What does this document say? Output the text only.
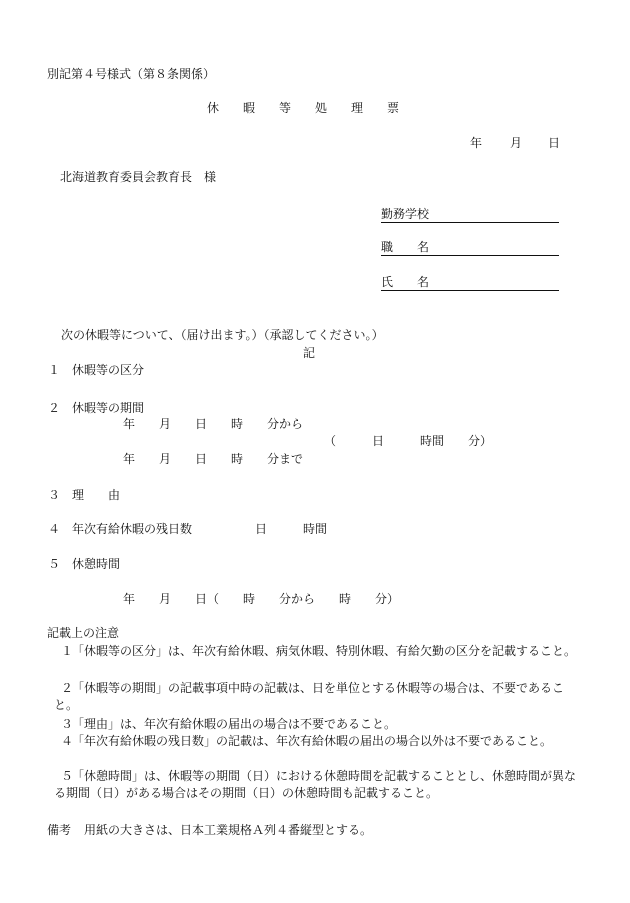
別記第４号様式（第８条関係）
休　　暇　　等　　処　　理　　票
年 月 日
北海道教育委員会教育長　様
勤務学校
職　　名
氏　　名
次の休暇等について、（届け出ます。）（承認してください。）
記
１ 休暇等の区分
２ 休暇等の期間
年　　月　　日　　時　　分から
（　　　日　　　時間　　分）
年　　月　　日　　時　　分まで
３ 理　　由
４ 年次有給休暇の残日数	日	時間
５ 休憩時間
年　　月　　日（　　時　　分から　　時　　分）
記載上の注意
１
「休暇等の区分」は、年次有給休暇、病気休暇、特別休暇、有給欠勤の区分を記載すること。
２
「休暇等の期間」の記載事項中時の記載は、日を単位とする休暇等の場合は、不要であること。
３
「理由」は、年次有給休暇の届出の場合は不要であること。
４
「年次有給休暇の残日数」の記載は、年次有給休暇の届出の場合以外は不要であること。
５
「休憩時間」は、休暇等の期間（日）における休憩時間を記載することとし、休憩時間が異なる期間（日）がある場合はその期間（日）の休憩時間も記載すること。
備考 用紙の大きさは、日本工業規格Ａ列４番縦型とする。
